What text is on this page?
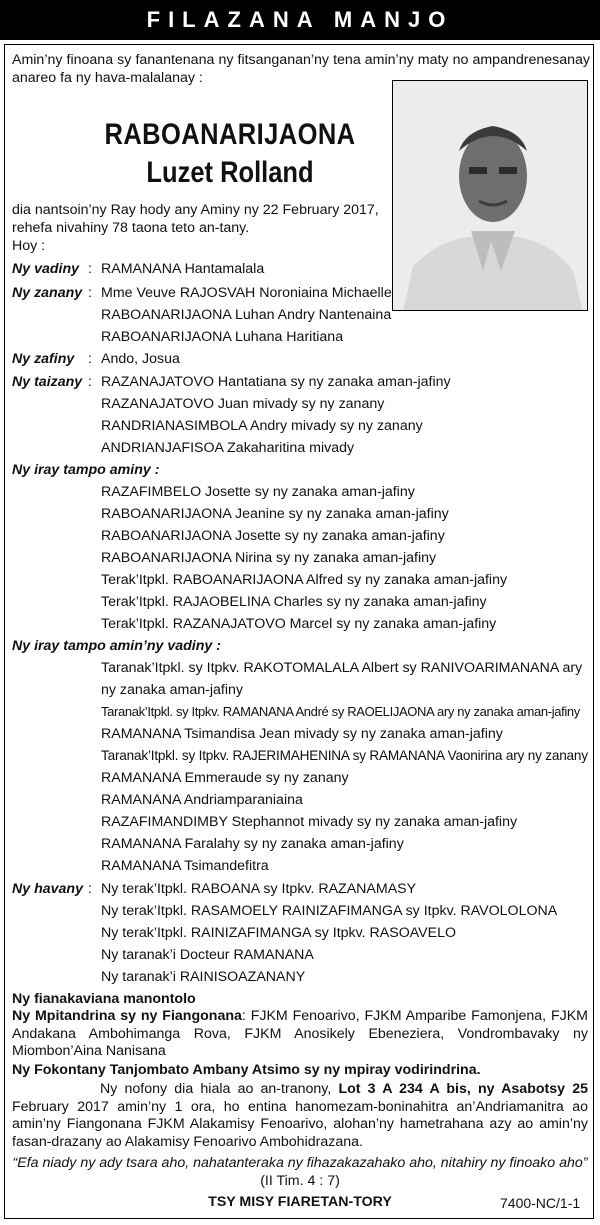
FILAZANA MANJO
Amin’ny finoana sy fanantenana ny fitsanganan’ny tena amin’ny maty no ampandrenesanay anareo fa ny hava-malalanay :
RABOANARIJAONA
Luzet Rolland
dia nantsoin’ny Ray hody any Aminy ny 22 February 2017,
rehefa nivahiny 78 taona teto an-tany.
Hoy :
Ny vadiny : RAMANANA Hantamalala
Ny zanany : Mme Veuve RAJOSVAH Noroniaina Michaelle
RABOANARIJAONA Luhan Andry Nantenaina
RABOANARIJAONA Luhana Haritiana
Ny zafiny : Ando, Josua
Ny taizany : RAZANAJATOVO Hantatiana sy ny zanaka aman-jafiny
RAZANAJATOVO Juan mivady sy ny zanany
RANDRIANASIMBOLA Andry mivady sy ny zanany
ANDRIANJAFISOA Zakaharitina mivady
Ny iray tampo aminy :
RAZAFIMBELO Josette sy ny zanaka aman-jafiny
RABOANARIJAONA Jeanine sy ny zanaka aman-jafiny
RABOANARIJAONA Josette sy ny zanaka aman-jafiny
RABOANARIJAONA Nirina sy ny zanaka aman-jafiny
Terak’Itpkl. RABOANARIJAONA Alfred sy ny zanaka aman-jafiny
Terak’Itpkl. RAJAOBELINA Charles sy ny zanaka aman-jafiny
Terak’Itpkl. RAZANAJATOVO Marcel sy ny zanaka aman-jafiny
Ny iray tampo amin’ny vadiny :
Taranak’Itpkl. sy Itpkv. RAKOTOMALALA Albert sy RANIVOARIMANANA ary
ny zanaka aman-jafiny
Taranak’Itpkl. sy Itpkv. RAMANANA André sy RAOELIJAONA ary ny zanaka aman-jafiny
RAMANANA Tsimandisa Jean mivady sy ny zanaka aman-jafiny
Taranak’Itpkl. sy Itpkv. RAJERIMAHENINA sy RAMANANA Vaonirina ary ny zanany
RAMANANA Emmeraude sy ny zanany
RAMANANA Andriamparaniaina
RAZAFIMANDIMBY Stephannot mivady sy ny zanaka aman-jafiny
RAMANANA Faralahy sy ny zanaka aman-jafiny
RAMANANA Tsimandefitra
Ny havany : Ny terak’Itpkl. RABOANA sy Itpkv. RAZANAMASY
Ny terak’Itpkl. RASAMOELY RAINIZAFIMANGA sy Itpkv. RAVOLOLONA
Ny terak’Itpkl. RAINIZAFIMANGA sy Itpkv. RASOAVELO
Ny taranak’i Docteur RAMANANA
Ny taranak’i RAINISOAZANANY
Ny fianakaviana manontolo
Ny Mpitandrina sy ny Fiangonana: FJKM Fenoarivo, FJKM Amparibe Famonjena, FJKM Andakana Ambohimanga Rova, FJKM Anosikely Ebeneziera, Vondrombavaky ny Miombon’Aina Nanisana
Ny Fokontany Tanjombato Ambany Atsimo sy ny mpiray vodirindrina.
Ny nofony dia hiala ao an-tranony, Lot 3 A 234 A bis, ny Asabotsy 25 February 2017 amin’ny 1 ora, ho entina hanomezam-boninahitra an’Andriamanitra ao amin’ny Fiangonana FJKM Alakamisy Fenoarivo, alohan’ny hametrahana azy ao amin’ny fasan-drazany ao Alakamisy Fenoarivo Ambohidrazana.
“Efa niady ny ady tsara aho, nahatanteraka ny fihazakazahako aho, nitahiry ny finoako aho”
(II Tim. 4 : 7)
TSY MISY FIARETAN-TORY	7400-NC/1-1
